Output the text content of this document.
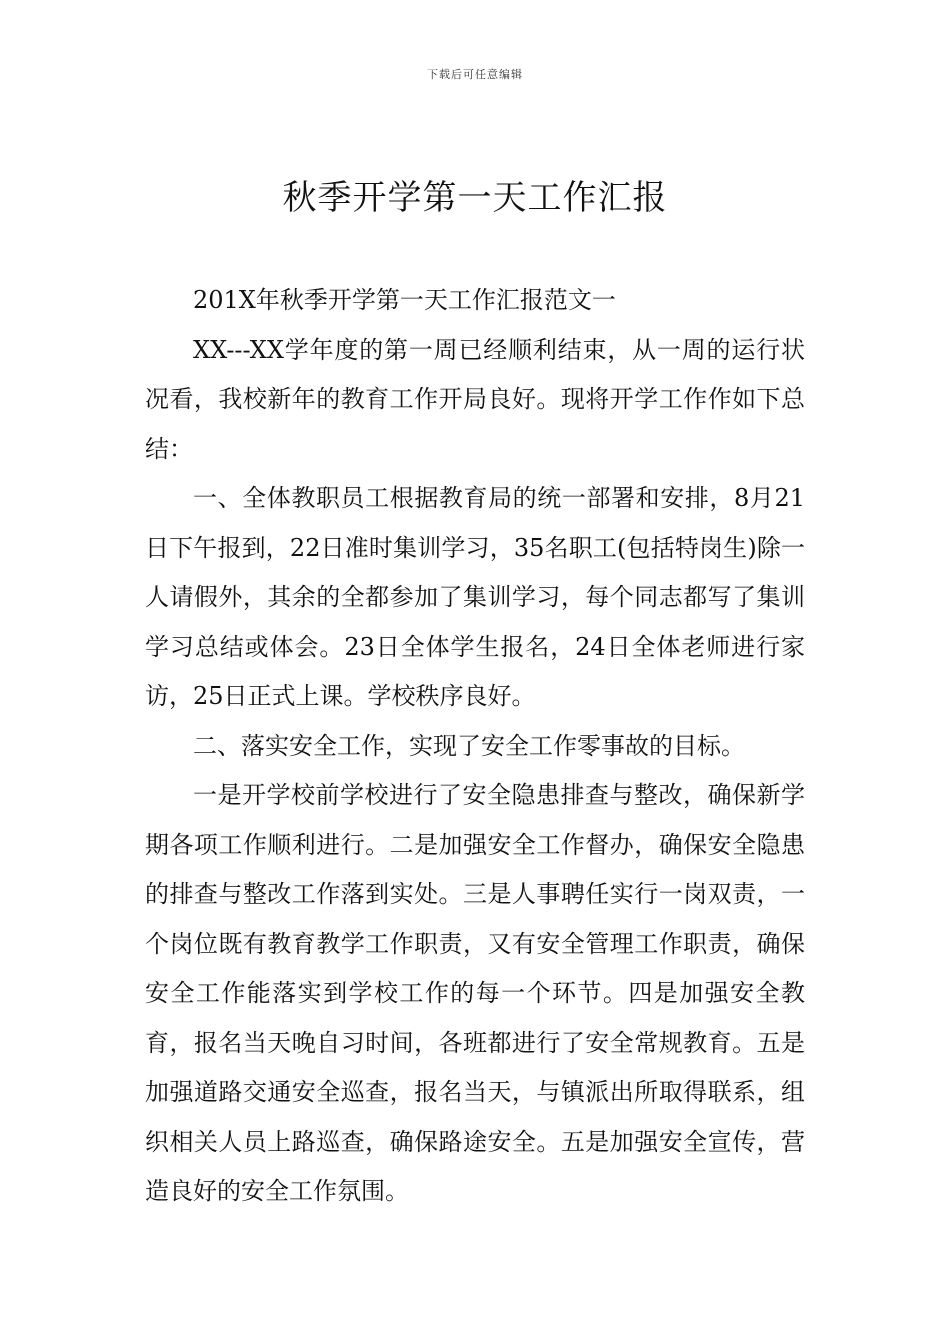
下载后可任意编辑
秋季开学第一天工作汇报

201X年秋季开学第一天工作汇报范文一

XX---XX学年度的第一周已经顺利结束，从一周的运行状况看，我校新年的教育工作开局良好。现将开学工作作如下总结：

一、全体教职员工根据教育局的统一部署和安排，8月21日下午报到，22日准时集训学习，35名职工(包括特岗生)除一人请假外，其余的全都参加了集训学习，每个同志都写了集训学习总结或体会。23日全体学生报名，24日全体老师进行家访，25日正式上课。学校秩序良好。

二、落实安全工作，实现了安全工作零事故的目标。

一是开学校前学校进行了安全隐患排查与整改，确保新学期各项工作顺利进行。二是加强安全工作督办，确保安全隐患的排查与整改工作落到实处。三是人事聘任实行一岗双责，一个岗位既有教育教学工作职责，又有安全管理工作职责，确保安全工作能落实到学校工作的每一个环节。四是加强安全教育，报名当天晚自习时间，各班都进行了安全常规教育。五是加强道路交通安全巡查，报名当天，与镇派出所取得联系，组织相关人员上路巡查，确保路途安全。五是加强安全宣传，营造良好的安全工作氛围。
